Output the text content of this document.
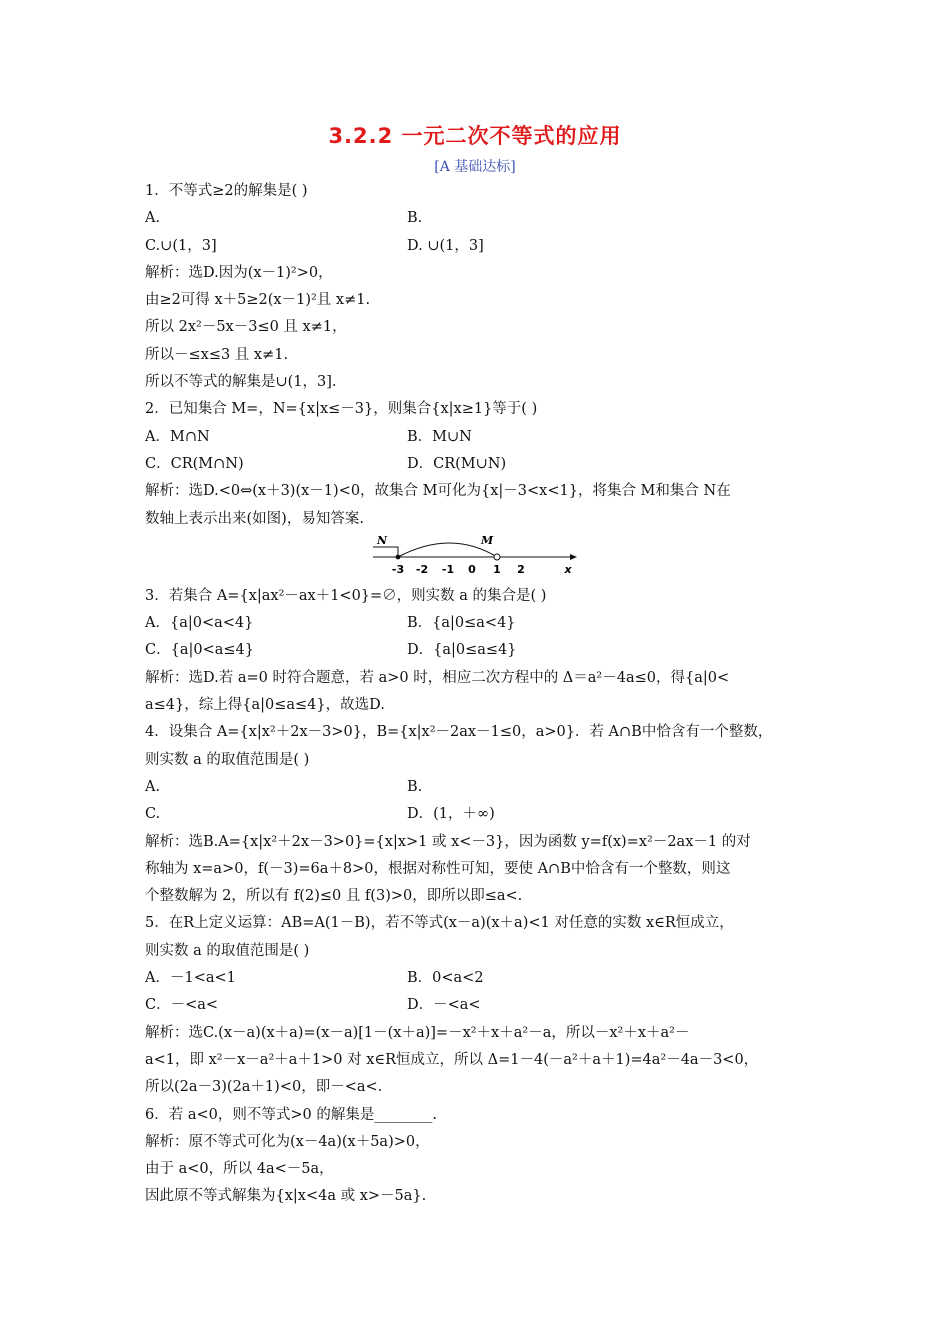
3.2.2 一元二次不等式的应用
[A 基础达标]
1．不等式≥2的解集是( )
A.	B.
C.∪(1，3]	D. ∪(1，3]
解析：选D.因为(x－1)²>0，
由≥2可得 x＋5≥2(x－1)²且 x≠1.
所以 2x²－5x－3≤0 且 x≠1，
所以－≤x≤3 且 x≠1.
所以不等式的解集是∪(1，3].
2．已知集合 M=，N={x|x≤－3}，则集合{x|x≥1}等于( )
A．M∩N	B．M∪N
C．CR(M∩N)	D．CR(M∪N)
解析：选D.<0⇔(x＋3)(x－1)<0，故集合 M可化为{x|－3<x<1}，将集合 M和集合 N在
数轴上表示出来(如图)，易知答案.
N	M
-3 -2 -1 0 1 2	x
3．若集合 A={x|ax²－ax＋1<0}=∅，则实数 a 的集合是( )
A．{a|0<a<4}	B．{a|0≤a<4}
C．{a|0<a≤4}	D．{a|0≤a≤4}
解析：选D.若 a=0 时符合题意，若 a>0 时，相应二次方程中的 Δ＝a²－4a≤0，得{a|0<
a≤4}，综上得{a|0≤a≤4}，故选D.
4．设集合 A={x|x²＋2x－3>0}，B={x|x²－2ax－1≤0，a>0}．若 A∩B中恰含有一个整数，
则实数 a 的取值范围是( )
A.	B.
C.	D．(1，＋∞)
解析：选B.A={x|x²＋2x－3>0}={x|x>1 或 x<－3}，因为函数 y=f(x)=x²－2ax－1 的对
称轴为 x=a>0，f(－3)=6a＋8>0，根据对称性可知，要使 A∩B中恰含有一个整数，则这
个整数解为 2，所以有 f(2)≤0 且 f(3)>0，即所以即≤a<.
5．在R上定义运算：AB=A(1－B)，若不等式(x－a)(x＋a)<1 对任意的实数 x∈R恒成立，
则实数 a 的取值范围是( )
A．－1<a<1	B．0<a<2
C．－<a<	D．－<a<
解析：选C.(x－a)(x＋a)=(x－a)[1－(x＋a)]=－x²＋x＋a²－a，所以－x²＋x＋a²－
a<1，即 x²－x－a²＋a＋1>0 对 x∈R恒成立，所以 Δ=1－4(－a²＋a＋1)=4a²－4a－3<0，
所以(2a－3)(2a＋1)<0，即－<a<.
6．若 a<0，则不等式>0 的解集是________.
解析：原不等式可化为(x－4a)(x＋5a)>0，
由于 a<0，所以 4a<－5a，
因此原不等式解集为{x|x<4a 或 x>－5a}.
